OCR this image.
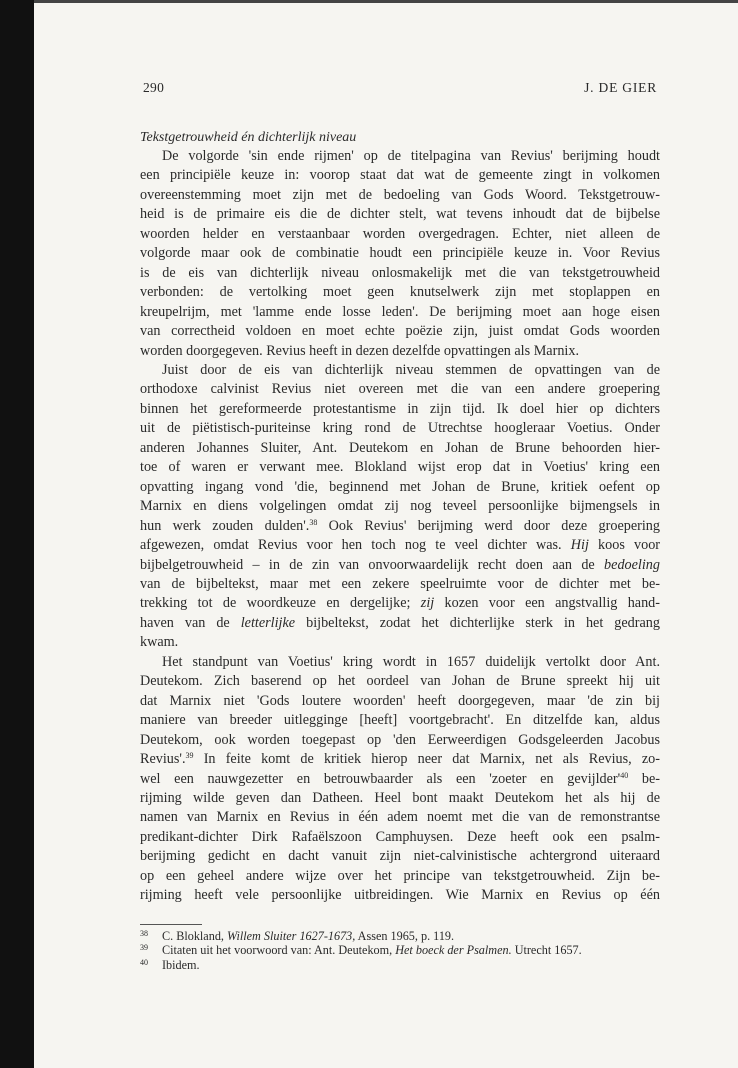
290	J. DE GIER
Tekstgetrouwheid én dichterlijk niveau

De volgorde 'sin ende rijmen' op de titelpagina van Revius' berijming houdt
een principiële keuze in: voorop staat dat wat de gemeente zingt in volkomen
overeenstemming moet zijn met de bedoeling van Gods Woord. Tekstgetrouw-
heid is de primaire eis die de dichter stelt, wat tevens inhoudt dat de bijbelse
woorden helder en verstaanbaar worden overgedragen. Echter, niet alleen de
volgorde maar ook de combinatie houdt een principiële keuze in. Voor Revius
is de eis van dichterlijk niveau onlosmakelijk met die van tekstgetrouwheid
verbonden: de vertolking moet geen knutselwerk zijn met stoplappen en
kreupelrijm, met 'lamme ende losse leden'. De berijming moet aan hoge eisen
van correctheid voldoen en moet echte poëzie zijn, juist omdat Gods woorden
worden doorgegeven. Revius heeft in dezen dezelfde opvattingen als Marnix.

Juist door de eis van dichterlijk niveau stemmen de opvattingen van de
orthodoxe calvinist Revius niet overeen met die van een andere groepering
binnen het gereformeerde protestantisme in zijn tijd. Ik doel hier op dichters
uit de piëtistisch-puriteinse kring rond de Utrechtse hoogleraar Voetius. Onder
anderen Johannes Sluiter, Ant. Deutekom en Johan de Brune behoorden hier-
toe of waren er verwant mee. Blokland wijst erop dat in Voetius' kring een
opvatting ingang vond 'die, beginnend met Johan de Brune, kritiek oefent op
Marnix en diens volgelingen omdat zij nog teveel persoonlijke bijmengsels in
hun werk zouden dulden'.$^{38}$ Ook Revius' berijming werd door deze groepering
afgewezen, omdat Revius voor hen toch nog te veel dichter was. Hij koos voor
bijbelgetrouwheid – in de zin van onvoorwaardelijk recht doen aan de bedoeling
van de bijbeltekst, maar met een zekere speelruimte voor de dichter met be-
trekking tot de woordkeuze en dergelijke; zij kozen voor een angstvallig hand-
haven van de letterlijke bijbeltekst, zodat het dichterlijke sterk in het gedrang
kwam.

Het standpunt van Voetius' kring wordt in 1657 duidelijk vertolkt door Ant.
Deutekom. Zich baserend op het oordeel van Johan de Brune spreekt hij uit
dat Marnix niet 'Gods loutere woorden' heeft doorgegeven, maar 'de zin bij
maniere van breeder uitlegginge [heeft] voortgebracht'. En ditzelfde kan, aldus
Deutekom, ook worden toegepast op 'den Eerweerdigen Godsgeleerden Jacobus
Revius'.$^{39}$ In feite komt de kritiek hierop neer dat Marnix, net als Revius, zo-
wel een nauwgezetter en betrouwbaarder als een 'zoeter en $gevijlder'^{40}$ be-
rijming wilde geven dan Datheen. Heel bont maakt Deutekom het als hij de
namen van Marnix en Revius in één adem noemt met die van de remonstrantse
predikant-dichter Dirk Rafaëlszoon Camphuysen. Deze heeft ook een psalm-
berijming gedicht en dacht vanuit zijn niet-calvinistische achtergrond uiteraard
op een geheel andere wijze over het principe van tekstgetrouwheid. Zijn be-
rijming heeft vele persoonlijke uitbreidingen. Wie Marnix en Revius op één

38 C. Blokland, Willem Sluiter 1627-1673, Assen 1965, p. 119.
39 Citaten uit het voorwoord van: Ant. Deutekom, Het boeck der Psalmen. Utrecht 1657.
40 Ibidem.
